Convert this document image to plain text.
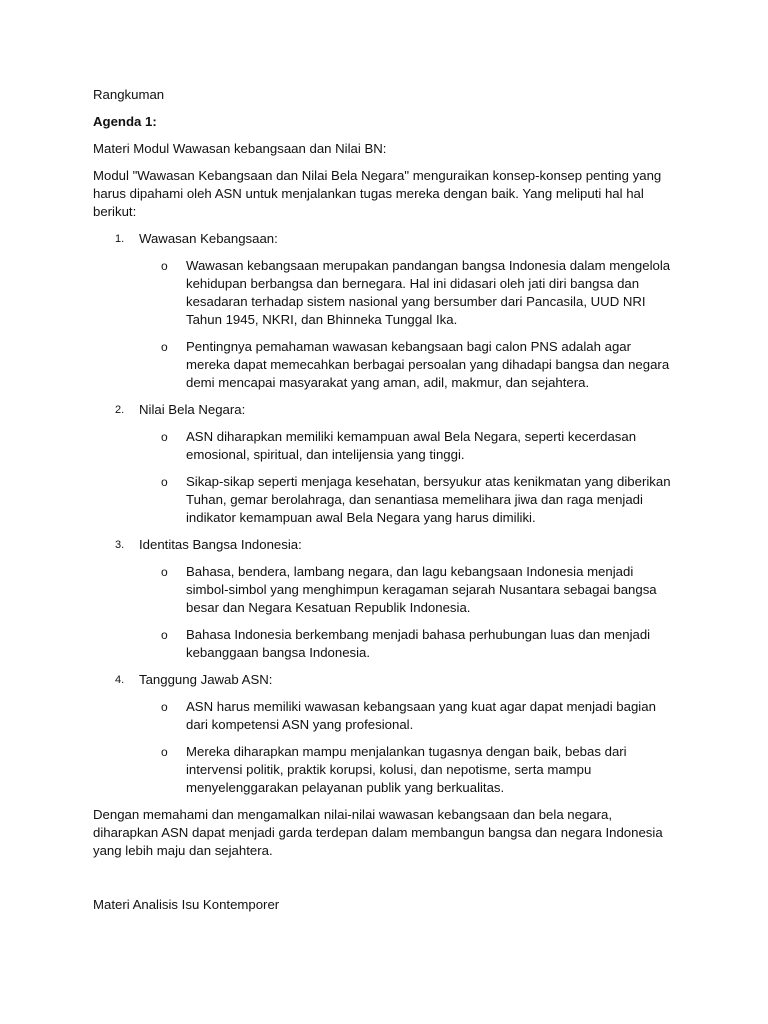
Rangkuman

Agenda 1:

Materi Modul Wawasan kebangsaan dan Nilai BN:

Modul "Wawasan Kebangsaan dan Nilai Bela Negara" menguraikan konsep-konsep penting yang harus dipahami oleh ASN untuk menjalankan tugas mereka dengan baik. Yang meliputi hal hal berikut:

1.	Wawasan Kebangsaan:
o	Wawasan kebangsaan merupakan pandangan bangsa Indonesia dalam mengelola kehidupan berbangsa dan bernegara. Hal ini didasari oleh jati diri bangsa dan kesadaran terhadap sistem nasional yang bersumber dari Pancasila, UUD NRI Tahun 1945, NKRI, dan Bhinneka Tunggal Ika.
o	Pentingnya pemahaman wawasan kebangsaan bagi calon PNS adalah agar mereka dapat memecahkan berbagai persoalan yang dihadapi bangsa dan negara demi mencapai masyarakat yang aman, adil, makmur, dan sejahtera.
2.	Nilai Bela Negara:
o	ASN diharapkan memiliki kemampuan awal Bela Negara, seperti kecerdasan emosional, spiritual, dan intelijensia yang tinggi.
o	Sikap-sikap seperti menjaga kesehatan, bersyukur atas kenikmatan yang diberikan Tuhan, gemar berolahraga, dan senantiasa memelihara jiwa dan raga menjadi indikator kemampuan awal Bela Negara yang harus dimiliki.
3.	Identitas Bangsa Indonesia:
o	Bahasa, bendera, lambang negara, dan lagu kebangsaan Indonesia menjadi simbol-simbol yang menghimpun keragaman sejarah Nusantara sebagai bangsa besar dan Negara Kesatuan Republik Indonesia.
o	Bahasa Indonesia berkembang menjadi bahasa perhubungan luas dan menjadi kebanggaan bangsa Indonesia.
4.	Tanggung Jawab ASN:
o	ASN harus memiliki wawasan kebangsaan yang kuat agar dapat menjadi bagian dari kompetensi ASN yang profesional.
o	Mereka diharapkan mampu menjalankan tugasnya dengan baik, bebas dari intervensi politik, praktik korupsi, kolusi, dan nepotisme, serta mampu menyelenggarakan pelayanan publik yang berkualitas.

Dengan memahami dan mengamalkan nilai-nilai wawasan kebangsaan dan bela negara, diharapkan ASN dapat menjadi garda terdepan dalam membangun bangsa dan negara Indonesia yang lebih maju dan sejahtera.

Materi Analisis Isu Kontemporer
